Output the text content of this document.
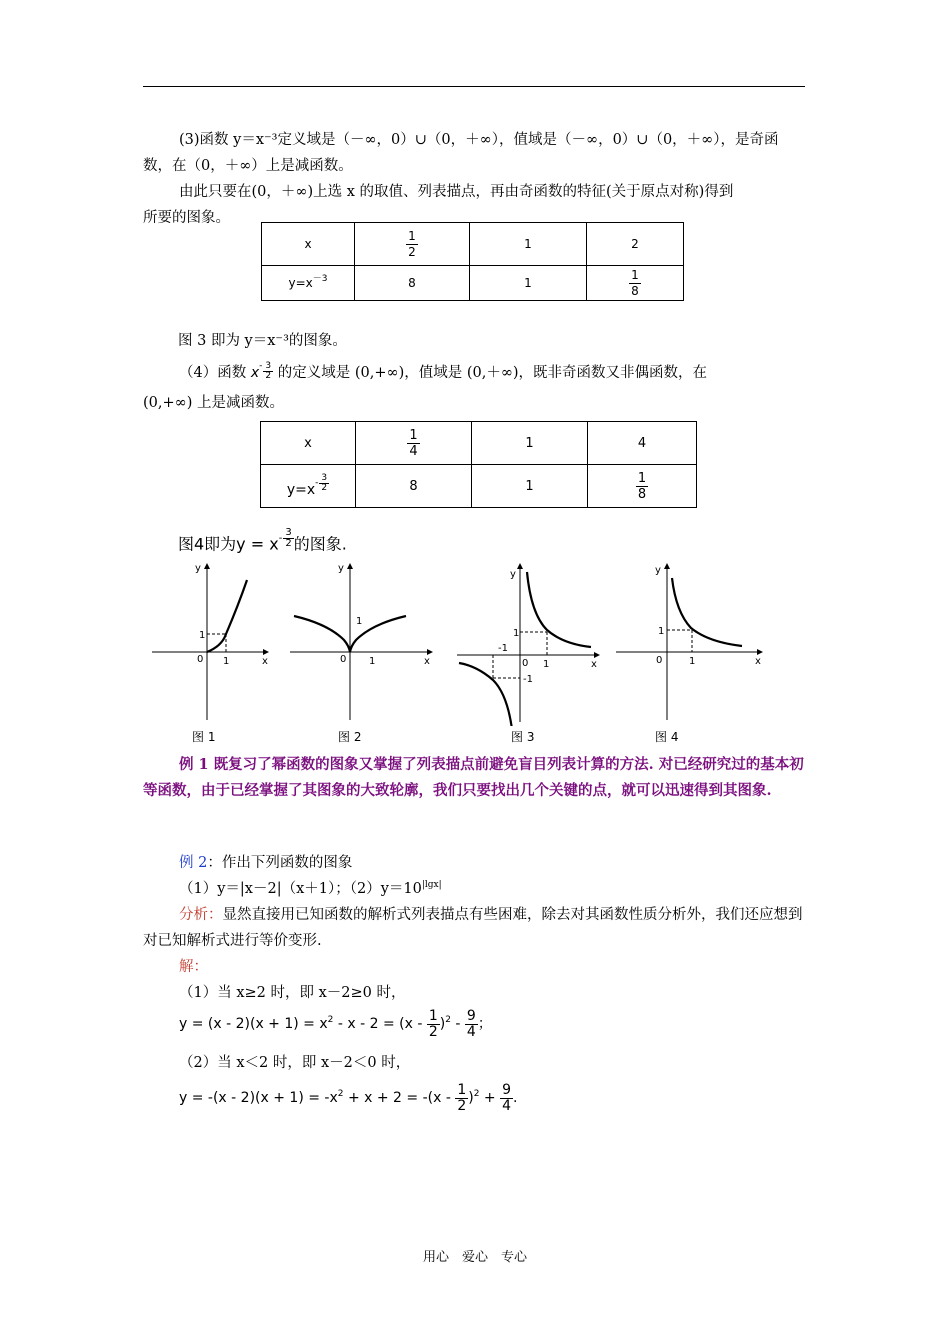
(3)函数 y＝x⁻³定义域是（－∞，0）∪（0，＋∞），值域是（－∞，0）∪（0，＋∞），是奇函
数，在（0，＋∞）上是减函数。
由此只要在(0，＋∞)上选 x 的取值、列表描点，再由奇函数的特征(关于原点对称)得到
所要的图象。
x	$\frac{1}{2}$	1	2
$y=x^{-3}$	8	1	$\frac{1}{8}$
图 3 即为 y＝x⁻³的图象。
（4）函数 x - $\frac{3}{2}$ 的定义域是 (0,+∞)，值域是 (0,＋∞)，既非奇函数又非偶函数，在
(0,+∞) 上是减函数。
x	$\frac{1}{4}$	1	4
$y=x - \frac{3}{2}$	8	1	$\frac{1}{8}$
图4即为$y = x - \frac{3}{2}$ 的图象.
y
x
0
1
1
y
x
0
1
1
y
x
0
1
1
-1
-1
y
x
0
1
1
图 1	图 2	图 3	图 4
例 1 既复习了幂函数的图象又掌握了列表描点前避免盲目列表计算的方法. 对已经研究过的基本初等函数，由于已经掌握了其图象的大致轮廓，我们只要找出几个关键的点，就可以迅速得到其图象.
例 2：作出下列函数的图象
（1）y＝|x－2|（x＋1）；$(2)y=10^{|lgx|}$
分析：显然直接用已知函数的解析式列表描点有些困难，除去对其函数性质分析外，我们还应想到对已知解析式进行等价变形.
解：
（1）当 x≥2 时，即 x－2≥0 时，
$y = (x - 2)(x + 1) = x^2 - x - 2 = (x - \frac{1}{2} )^2 - \frac{9}{4}$ ；
（2）当 x＜2 时，即 x－2＜0 时，
$y = -(x - 2)(x + 1) = -x^2 + x + 2 = -(x - \frac{1}{2} )^2 + \frac{9}{4}$ .
用心　爱心　专心
